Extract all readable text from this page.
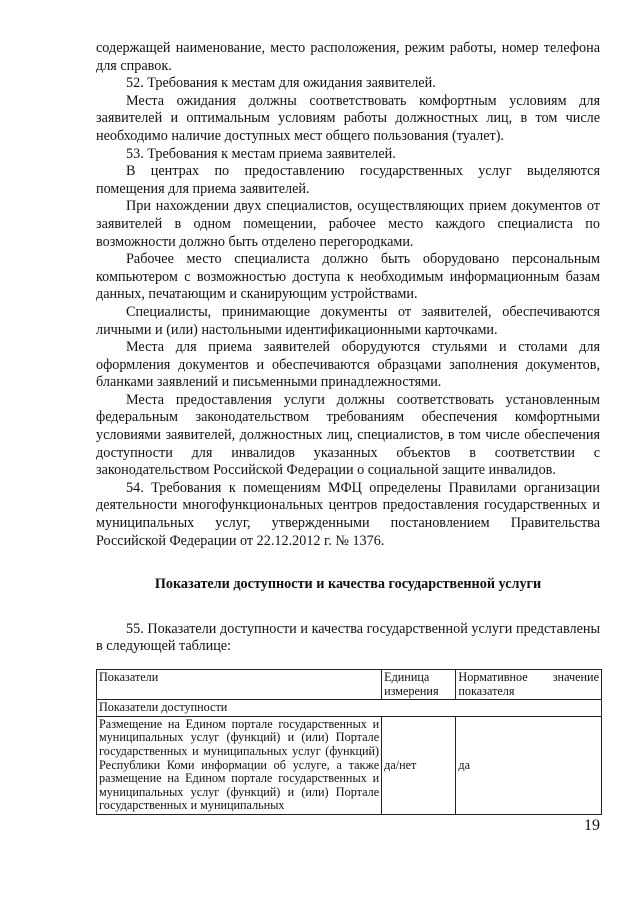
содержащей наименование, место расположения, режим работы, номер телефона для справок.
52. Требования к местам для ожидания заявителей.
Места ожидания должны соответствовать комфортным условиям для заявителей и оптимальным условиям работы должностных лиц, в том числе необходимо наличие доступных мест общего пользования (туалет).
53. Требования к местам приема заявителей.
В центрах по предоставлению государственных услуг выделяются помещения для приема заявителей.
При нахождении двух специалистов, осуществляющих прием документов от заявителей в одном помещении, рабочее место каждого специалиста по возможности должно быть отделено перегородками.
Рабочее место специалиста должно быть оборудовано персональным компьютером с возможностью доступа к необходимым информационным базам данных, печатающим и сканирующим устройствами.
Специалисты, принимающие документы от заявителей, обеспечиваются личными и (или) настольными идентификационными карточками.
Места для приема заявителей оборудуются стульями и столами для оформления документов и обеспечиваются образцами заполнения документов, бланками заявлений и письменными принадлежностями.
Места предоставления услуги должны соответствовать установленным федеральным законодательством требованиям обеспечения комфортными условиями заявителей, должностных лиц, специалистов, в том числе обеспечения доступности для инвалидов указанных объектов в соответствии с законодательством Российской Федерации о социальной защите инвалидов.
54. Требования к помещениям МФЦ определены Правилами организации деятельности многофункциональных центров предоставления государственных и муниципальных услуг, утвержденными постановлением Правительства Российской Федерации от 22.12.2012 г. № 1376.
Показатели доступности и качества государственной услуги
55. Показатели доступности и качества государственной услуги представлены в следующей таблице:
Показатели	Единица измерения	Нормативное значение показателя
Показатели доступности		
Размещение на Едином портале государственных и муниципальных услуг (функций) и (или) Портале государственных и муниципальных услуг (функций) Республики Коми информации об услуге, а также размещение на Едином портале государственных и муниципальных услуг (функций) и (или) Портале государственных и муниципальных	да/нет	да
19
